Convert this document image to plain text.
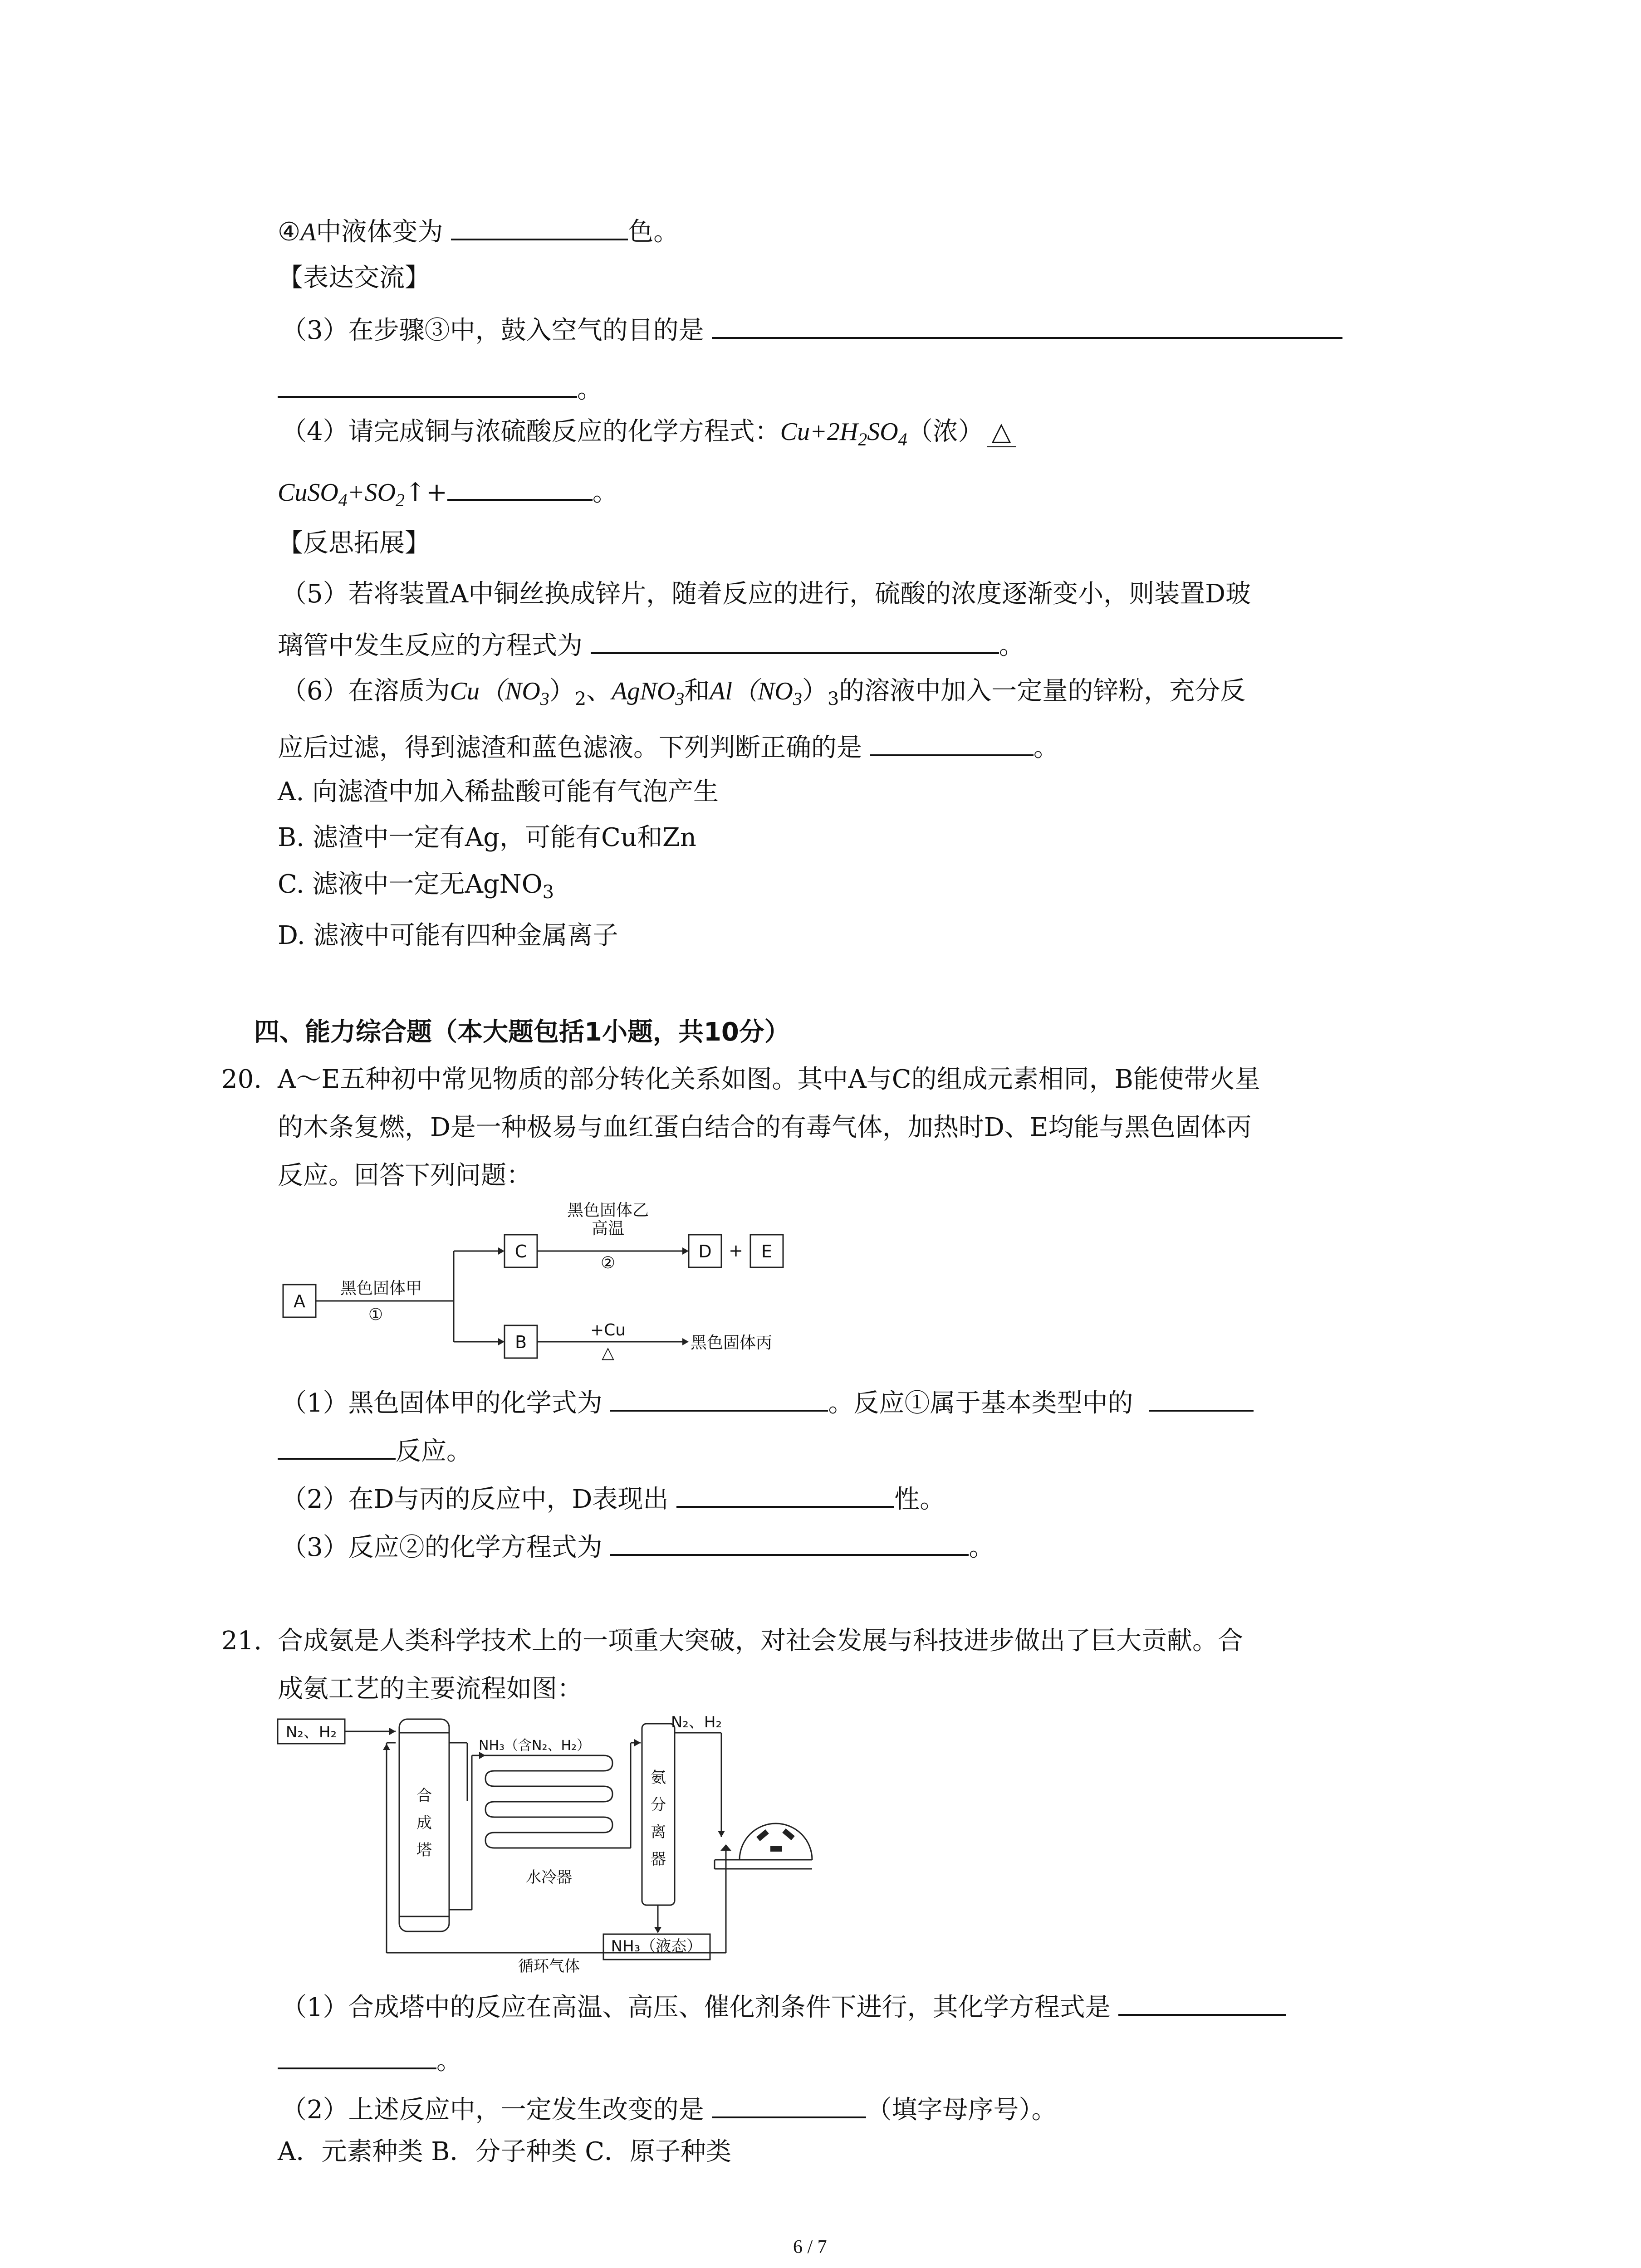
④A中液体变为	色。
【表达交流】
（3）在步骤③中，鼓入空气的目的是
。
（4）请完成铜与浓硫酸反应的化学方程式：$Cu+2H_2SO_4$（浓） △
$CuSO_4+SO_2↑+$	。
【反思拓展】
（5）若将装置A中铜丝换成锌片，随着反应的进行，硫酸的浓度逐渐变小，则装置D玻
璃管中发生反应的方程式为	。
（6）在溶质为$Cu(NO_3)_2$、AgNO$_3$和$Al(NO_3)_3$的溶液中加入一定量的锌粉，充分反
应后过滤，得到滤渣和蓝色滤液。下列判断正确的是	。
A. 向滤渣中加入稀盐酸可能有气泡产生
B. 滤渣中一定有Ag，可能有Cu和Zn
C. 滤液中一定无AgNO$_3$
D. 滤液中可能有四种金属离子
四、能力综合题（本大题包括1小题，共10分）
20. A～E五种初中常见物质的部分转化关系如图。其中A与C的组成元素相同，B能使带火星
的木条复燃，D是一种极易与血红蛋白结合的有毒气体，加热时D、E均能与黑色固体丙
反应。回答下列问题：
A
C
B
D	E
+
黑色固体甲
①
黑色固体乙
高温
②
+Cu
△
黑色固体丙
（1）黑色固体甲的化学式为	。反应①属于基本类型中的
反应。
（2）在D与丙的反应中，D表现出	性。
（3）反应②的化学方程式为	。
21. 合成氨是人类科学技术上的一项重大突破，对社会发展与科技进步做出了巨大贡献。合
成氨工艺的主要流程如图：
N₂、H₂
合
成
塔
氨
分
离
器
水冷器
N₂、H₂
NH₃（液态）
循环气体
NH₃（含N₂、H₂）
（1）合成塔中的反应在高温、高压、催化剂条件下进行，其化学方程式是
。
（2）上述反应中，一定发生改变的是	（填字母序号）。
A．元素种类 B．分子种类 C．原子种类
6 / 7
